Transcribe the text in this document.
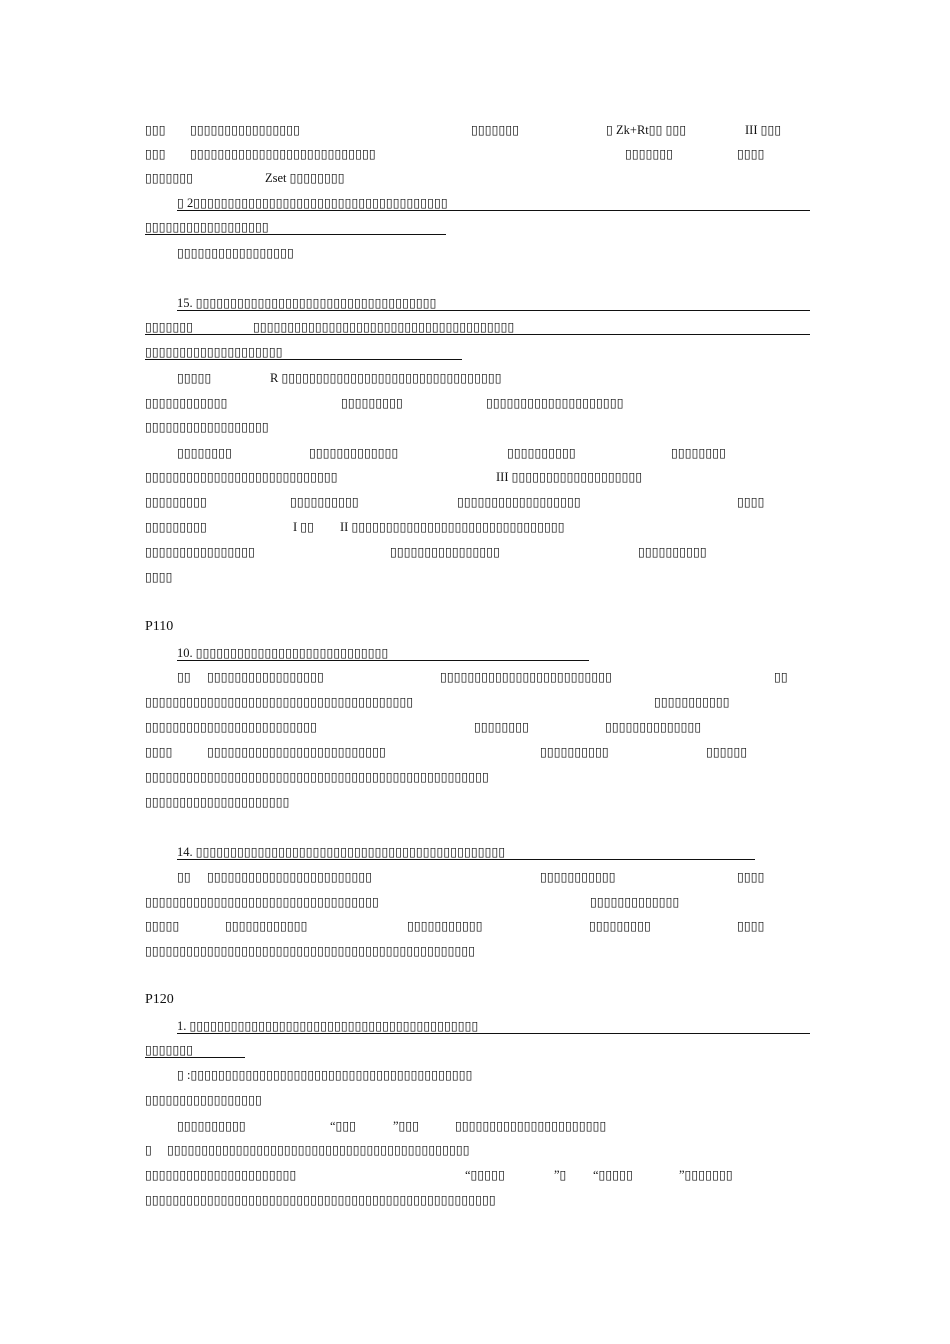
P110
P120
▯▯▯ ▯▯▯▯▯▯▯▯▯▯▯▯▯▯▯▯	▯▯▯▯▯▯▯	▯ Zk+Rt▯▯ ▯▯▯	III ▯▯▯
▯▯▯ ▯▯▯▯▯▯▯▯▯▯▯▯▯▯▯▯▯▯▯▯▯▯▯▯▯▯▯	▯▯▯▯▯▯▯	▯▯▯▯
▯▯▯▯▯▯▯	Zset ▯▯▯▯▯▯▯▯
▯ 2▯▯▯▯▯▯▯▯▯▯▯▯▯▯▯▯▯▯▯▯▯▯▯▯▯▯▯▯▯▯▯▯▯▯▯▯▯
▯▯▯▯▯▯▯▯▯▯▯▯▯▯▯▯▯▯
▯▯▯▯▯▯▯▯▯▯▯▯▯▯▯▯▯
15. ▯▯▯▯▯▯▯▯▯▯▯▯▯▯▯▯▯▯▯▯▯▯▯▯▯▯▯▯▯▯▯▯▯▯▯
▯▯▯▯▯▯▯	▯▯▯▯▯▯▯▯▯▯▯▯▯▯▯▯▯▯▯▯▯▯▯▯▯▯▯▯▯▯▯▯▯▯▯▯▯▯
▯▯▯▯▯▯▯▯▯▯▯▯▯▯▯▯▯▯▯▯
▯▯▯▯▯	R ▯▯▯▯▯▯▯▯▯▯▯▯▯▯▯▯▯▯▯▯▯▯▯▯▯▯▯▯▯▯▯▯
▯▯▯▯▯▯▯▯▯▯▯▯	▯▯▯▯▯▯▯▯▯	▯▯▯▯▯▯▯▯▯▯▯▯▯▯▯▯▯▯▯▯
▯▯▯▯▯▯▯▯▯▯▯▯▯▯▯▯▯▯
▯▯▯▯▯▯▯▯	▯▯▯▯▯▯▯▯▯▯▯▯▯	▯▯▯▯▯▯▯▯▯▯	▯▯▯▯▯▯▯▯
▯▯▯▯▯▯▯▯▯▯▯▯▯▯▯▯▯▯▯▯▯▯▯▯▯▯▯▯	III ▯▯▯▯▯▯▯▯▯▯▯▯▯▯▯▯▯▯▯
▯▯▯▯▯▯▯▯▯	▯▯▯▯▯▯▯▯▯▯	▯▯▯▯▯▯▯▯▯▯▯▯▯▯▯▯▯▯	▯▯▯▯
▯▯▯▯▯▯▯▯▯	I ▯▯ II ▯▯▯▯▯▯▯▯▯▯▯▯▯▯▯▯▯▯▯▯▯▯▯▯▯▯▯▯▯▯▯
▯▯▯▯▯▯▯▯▯▯▯▯▯▯▯▯	▯▯▯▯▯▯▯▯▯▯▯▯▯▯▯▯	▯▯▯▯▯▯▯▯▯▯
▯▯▯▯
10. ▯▯▯▯▯▯▯▯▯▯▯▯▯▯▯▯▯▯▯▯▯▯▯▯▯▯▯▯
▯▯ ▯▯▯▯▯▯▯▯▯▯▯▯▯▯▯▯▯	▯▯▯▯▯▯▯▯▯▯▯▯▯▯▯▯▯▯▯▯▯▯▯▯▯	▯▯
▯▯▯▯▯▯▯▯▯▯▯▯▯▯▯▯▯▯▯▯▯▯▯▯▯▯▯▯▯▯▯▯▯▯▯▯▯▯▯	▯▯▯▯▯▯▯▯▯▯▯
▯▯▯▯▯▯▯▯▯▯▯▯▯▯▯▯▯▯▯▯▯▯▯▯▯	▯▯▯▯▯▯▯▯	▯▯▯▯▯▯▯▯▯▯▯▯▯▯
▯▯▯▯	▯▯▯▯▯▯▯▯▯▯▯▯▯▯▯▯▯▯▯▯▯▯▯▯▯▯	▯▯▯▯▯▯▯▯▯▯	▯▯▯▯▯▯
▯▯▯▯▯▯▯▯▯▯▯▯▯▯▯▯▯▯▯▯▯▯▯▯▯▯▯▯▯▯▯▯▯▯▯▯▯▯▯▯▯▯▯▯▯▯▯▯▯▯
▯▯▯▯▯▯▯▯▯▯▯▯▯▯▯▯▯▯▯▯▯
14. ▯▯▯▯▯▯▯▯▯▯▯▯▯▯▯▯▯▯▯▯▯▯▯▯▯▯▯▯▯▯▯▯▯▯▯▯▯▯▯▯▯▯▯▯▯
▯▯ ▯▯▯▯▯▯▯▯▯▯▯▯▯▯▯▯▯▯▯▯▯▯▯▯	▯▯▯▯▯▯▯▯▯▯▯	▯▯▯▯
▯▯▯▯▯▯▯▯▯▯▯▯▯▯▯▯▯▯▯▯▯▯▯▯▯▯▯▯▯▯▯▯▯▯	▯▯▯▯▯▯▯▯▯▯▯▯▯
▯▯▯▯▯	▯▯▯▯▯▯▯▯▯▯▯▯	▯▯▯▯▯▯▯▯▯▯▯	▯▯▯▯▯▯▯▯▯	▯▯▯▯
▯▯▯▯▯▯▯▯▯▯▯▯▯▯▯▯▯▯▯▯▯▯▯▯▯▯▯▯▯▯▯▯▯▯▯▯▯▯▯▯▯▯▯▯▯▯▯▯
1. ▯▯▯▯▯▯▯▯▯▯▯▯▯▯▯▯▯▯▯▯▯▯▯▯▯▯▯▯▯▯▯▯▯▯▯▯▯▯▯▯▯▯
▯▯▯▯▯▯▯
▯ :▯▯▯▯▯▯▯▯▯▯▯▯▯▯▯▯▯▯▯▯▯▯▯▯▯▯▯▯▯▯▯▯▯▯▯▯▯▯▯▯▯
▯▯▯▯▯▯▯▯▯▯▯▯▯▯▯▯▯
▯▯▯▯▯▯▯▯▯▯	“▯▯▯	”▯▯▯	▯▯▯▯▯▯▯▯▯▯▯▯▯▯▯▯▯▯▯▯▯▯
▯ ▯▯▯▯▯▯▯▯▯▯▯▯▯▯▯▯▯▯▯▯▯▯▯▯▯▯▯▯▯▯▯▯▯▯▯▯▯▯▯▯▯▯▯▯
▯▯▯▯▯▯▯▯▯▯▯▯▯▯▯▯▯▯▯▯▯▯	“▯▯▯▯▯	”▯ “▯▯▯▯▯	”▯▯▯▯▯▯▯
▯▯▯▯▯▯▯▯▯▯▯▯▯▯▯▯▯▯▯▯▯▯▯▯▯▯▯▯▯▯▯▯▯▯▯▯▯▯▯▯▯▯▯▯▯▯▯▯▯▯▯
